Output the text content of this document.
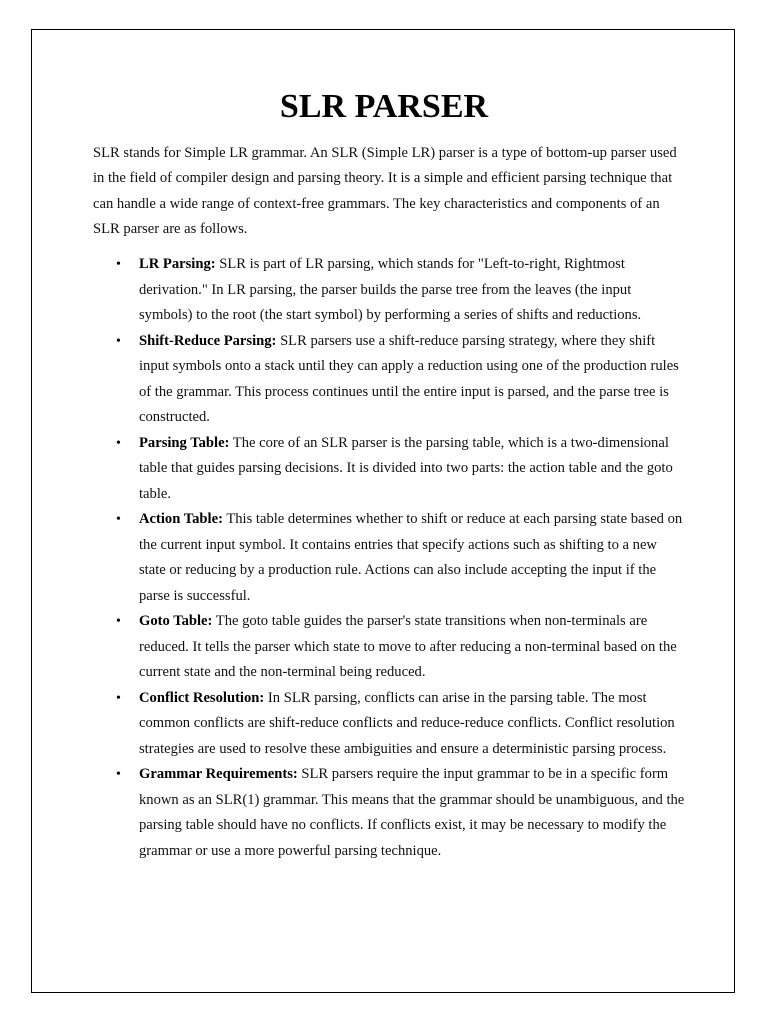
SLR PARSER

SLR stands for Simple LR grammar. An SLR (Simple LR) parser is a type of bottom-up parser used in the field of compiler design and parsing theory. It is a simple and efficient parsing technique that can handle a wide range of context-free grammars. The key characteristics and components of an SLR parser are as follows.

• LR Parsing: SLR is part of LR parsing, which stands for "Left-to-right, Rightmost derivation." In LR parsing, the parser builds the parse tree from the leaves (the input symbols) to the root (the start symbol) by performing a series of shifts and reductions.
• Shift-Reduce Parsing: SLR parsers use a shift-reduce parsing strategy, where they shift input symbols onto a stack until they can apply a reduction using one of the production rules of the grammar. This process continues until the entire input is parsed, and the parse tree is constructed.
• Parsing Table: The core of an SLR parser is the parsing table, which is a two-dimensional table that guides parsing decisions. It is divided into two parts: the action table and the goto table.
• Action Table: This table determines whether to shift or reduce at each parsing state based on the current input symbol. It contains entries that specify actions such as shifting to a new state or reducing by a production rule. Actions can also include accepting the input if the parse is successful.
• Goto Table: The goto table guides the parser's state transitions when non-terminals are reduced. It tells the parser which state to move to after reducing a non-terminal based on the current state and the non-terminal being reduced.
• Conflict Resolution: In SLR parsing, conflicts can arise in the parsing table. The most common conflicts are shift-reduce conflicts and reduce-reduce conflicts. Conflict resolution strategies are used to resolve these ambiguities and ensure a deterministic parsing process.
• Grammar Requirements: SLR parsers require the input grammar to be in a specific form known as an SLR(1) grammar. This means that the grammar should be unambiguous, and the parsing table should have no conflicts. If conflicts exist, it may be necessary to modify the grammar or use a more powerful parsing technique.
